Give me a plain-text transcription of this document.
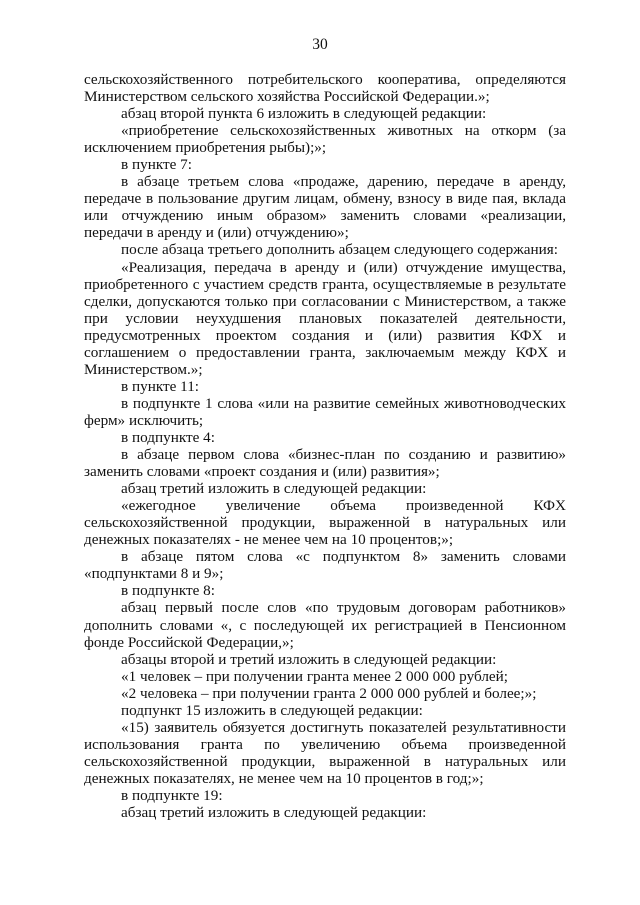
30

сельскохозяйственного потребительского кооператива, определяются Министерством сельского хозяйства Российской Федерации.»;

абзац второй пункта 6 изложить в следующей редакции:

«приобретение сельскохозяйственных животных на откорм (за исключением приобретения рыбы);»;

в пункте 7:

в абзаце третьем слова «продаже, дарению, передаче в аренду, передаче в пользование другим лицам, обмену, взносу в виде пая, вклада или отчуждению иным образом» заменить словами «реализации, передачи в аренду и (или) отчуждению»;

после абзаца третьего дополнить абзацем следующего содержания:

«Реализация, передача в аренду и (или) отчуждение имущества, приобретенного с участием средств гранта, осуществляемые в результате сделки, допускаются только при согласовании с Министерством, а также при условии неухудшения плановых показателей деятельности, предусмотренных проектом создания и (или) развития КФХ и соглашением о предоставлении гранта, заключаемым между КФХ и Министерством.»;

в пункте 11:

в подпункте 1 слова «или на развитие семейных животноводческих ферм» исключить;

в подпункте 4:

в абзаце первом слова «бизнес-план по созданию и развитию» заменить словами «проект создания и (или) развития»;

абзац третий изложить в следующей редакции:

«ежегодное увеличение объема произведенной КФХ сельскохозяйственной продукции, выраженной в натуральных или денежных показателях - не менее чем на 10 процентов;»;

в абзаце пятом слова «с подпунктом 8» заменить словами «подпунктами 8 и 9»;

в подпункте 8:

абзац первый после слов «по трудовым договорам работников» дополнить словами «, с последующей их регистрацией в Пенсионном фонде Российской Федерации,»;

абзацы второй и третий изложить в следующей редакции:

«1 человек – при получении гранта менее 2 000 000 рублей;

«2 человека – при получении гранта 2 000 000 рублей и более;»;

подпункт 15 изложить в следующей редакции:

«15) заявитель обязуется достигнуть показателей результативности использования гранта по увеличению объема произведенной сельскохозяйственной продукции, выраженной в натуральных или денежных показателях, не менее чем на 10 процентов в год;»;

в подпункте 19:

абзац третий изложить в следующей редакции:
